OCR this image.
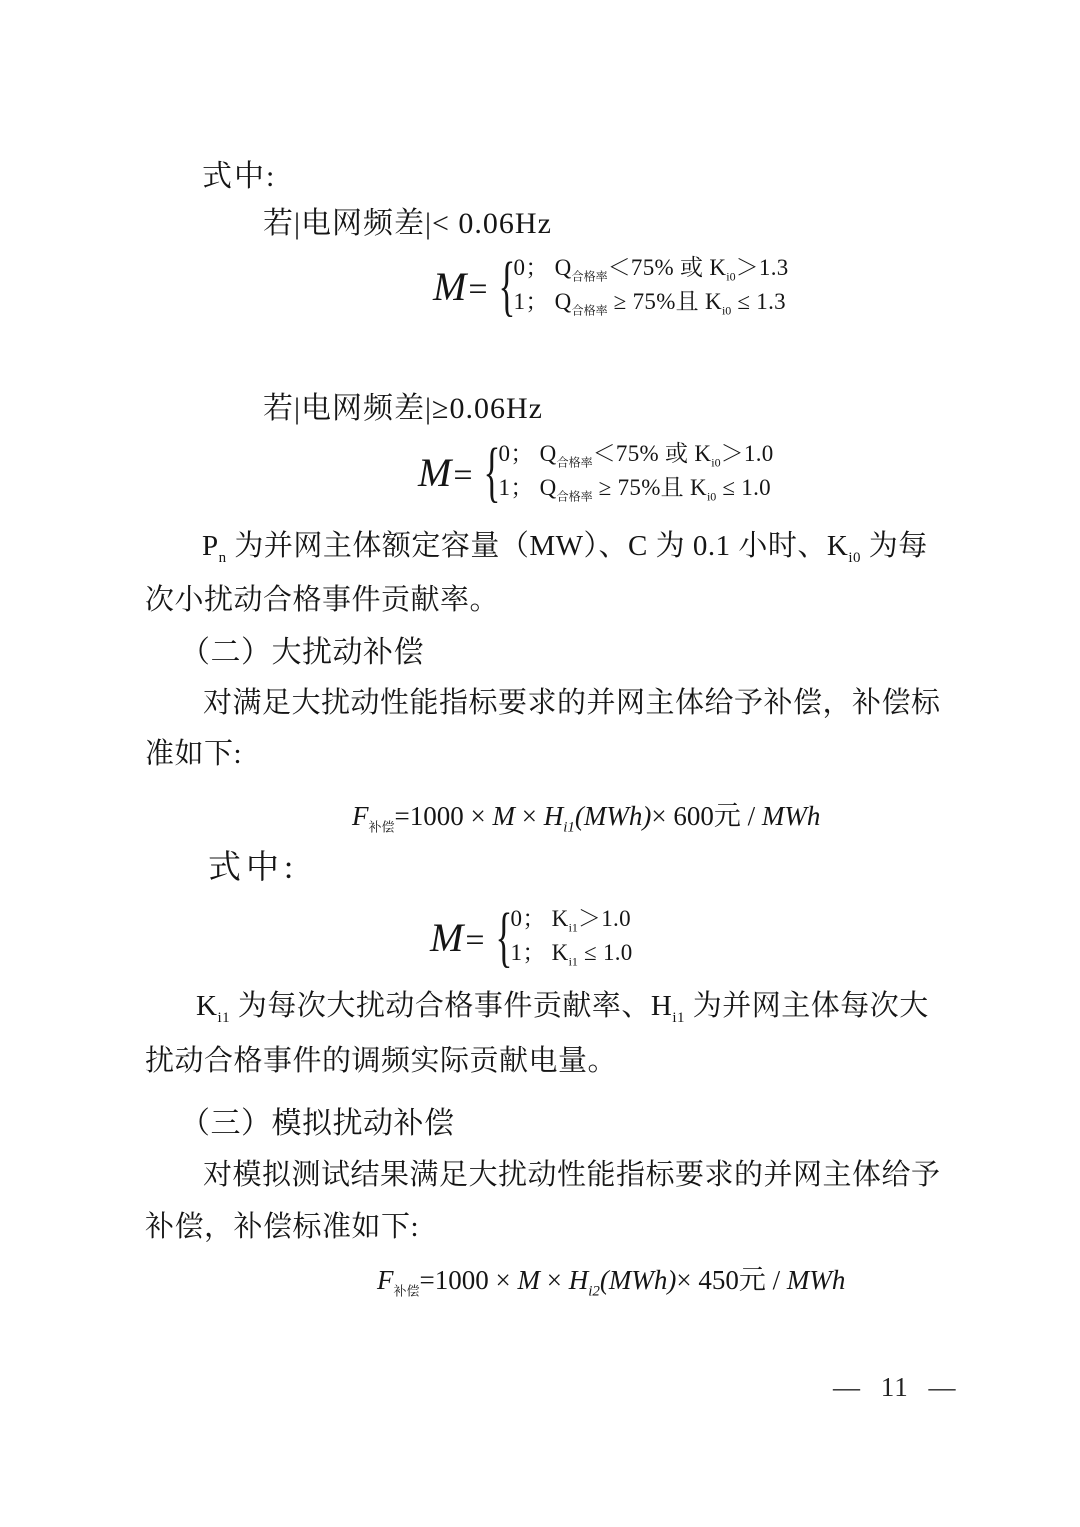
式中:
若|电网频差|< 0.06Hz
M = {
0； $Q_{合格率}<75\%$ 或 $K_{i0}>1.3$
1； $Q_{合格率} \ge 75\%$且 $K_{i0} \le 1.3$
若|电网频差|≥0.06Hz
M = {
0； $Q_{合格率}<75\%$ 或 $K_{i0}>1.0$
1； $Q_{合格率} \ge 75\%$且 $K_{i0} \le 1.0$
$P_n$ 为并网主体额定容量（MW）、C 为 0.1 小时、$K_{i0}$ 为每
次小扰动合格事件贡献率。
（二）大扰动补偿
对满足大扰动性能指标要求的并网主体给予补偿，补偿标
准如下:
$F_{补偿}=1000 \times M \times H_{i1}(MWh)\times 600$元 / MWh
式中:
M = {
0； $K_{i1}>1.0$
1； $K_{i1} \le 1.0$
$K_{i1}$ 为每次大扰动合格事件贡献率、$H_{i1}$ 为并网主体每次大
扰动合格事件的调频实际贡献电量。
（三）模拟扰动补偿
对模拟测试结果满足大扰动性能指标要求的并网主体给予
补偿，补偿标准如下:
$F_{补偿}=1000 \times M \times H_{i2}(MWh)\times 450$元 / MWh
— 11 —
